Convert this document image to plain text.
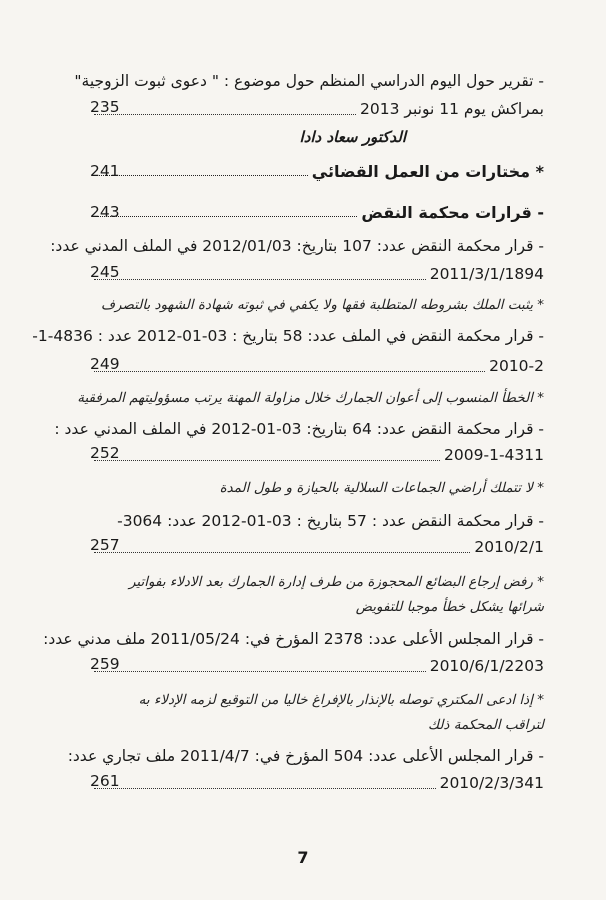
- تقرير حول اليوم الدراسي المنظم حول موضوع : " دعوى ثبوت الزوجية"
بمراكش يوم 11 نونبر 2013
235
الدكتور سعاد دادا
* مختارات من العمل القضائي
241
- قرارات محكمة النقض
243
- قرار محكمة النقض عدد: 107 بتاريخ: 2012/01/03 في الملف المدني عدد:
2011/3/1/1894
245
* يثبت الملك بشروطه المتطلبة فقها ولا يكفي في ثبوته شهادة الشهود بالتصرف
- قرار محكمة النقض في الملف عدد: 58 بتاريخ : 03-01-2012 عدد : 4836-1-
2010-2
249
* الخطأ المنسوب إلى أعوان الجمارك خلال مزاولة المهنة يرتب مسؤوليتهم المرفقية
- قرار محكمة النقض عدد: 64 بتاريخ: 03-01-2012 في الملف المدني عدد :
2009-1-4311
252
* لا تتملك أراضي الجماعات السلالية بالحيازة و طول المدة
- قرار محكمة النقض عدد : 57 بتاريخ : 03-01-2012 عدد: 3064-
2010/2/1
257
* رفض إرجاع البضائع المحجوزة من طرف إدارة الجمارك بعد الادلاء بفواتير
شرائها يشكل خطأ موجبا للتفويض
- قرار المجلس الأعلى عدد: 2378 المؤرخ في: 2011/05/24 ملف مدني عدد:
2010/6/1/2203
259
* إذا ادعى المكتري توصله بالإنذار بالإفراغ خاليا من التوقيع لزمه الإدلاء به
لتراقب المحكمة ذلك
- قرار المجلس الأعلى عدد: 504 المؤرخ في: 2011/4/7 ملف تجاري عدد:
2010/2/3/341
261
7
